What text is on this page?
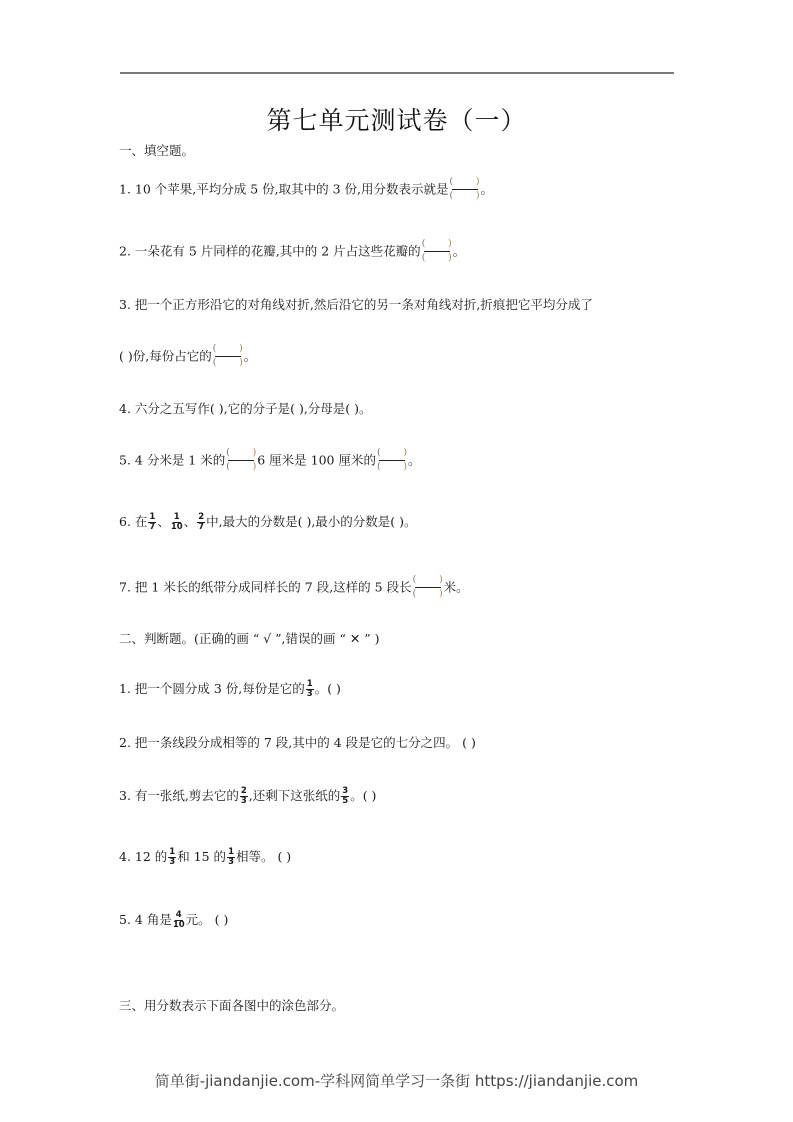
第七单元测试卷（一）
一、填空题。
1. 10 个苹果,平均分成 5 份,取其中的 3 份,用分数表示就是 (	)
(	) 。
2. 一朵花有 5 片同样的花瓣,其中的 2 片占这些花瓣的 (	)
(	) 。
3. 把一个正方形沿它的对角线对折,然后沿它的另一条对角线对折,折痕把它平均分成了
( )份,每份占它的 (	)
(	) 。
4. 六分之五写作( ),它的分子是( ),分母是( )。
5. 4 分米是 1 米的 (	)
(	) 6 厘米是 100 厘米的 (	)
(	) 。
6. 在 $\frac{1}{7}$ 、 $\frac{1}{10}$ 、 $\frac{2}{7}$ 中,最大的分数是( ),最小的分数是( )。
7. 把 1 米长的纸带分成同样长的 7 段,这样的 5 段长 (	)
(	) 米。
二、判断题。(正确的画 “ √ ”,错误的画 “ ✕ ” )
1. 把一个圆分成 3 份,每份是它的 $\frac{1}{3}$ 。( )
2. 把一条线段分成相等的 7 段,其中的 4 段是它的七分之四。 ( )
3. 有一张纸,剪去它的 $\frac{2}{3}$ ,还剩下这张纸的 $\frac{3}{5}$ 。( )
4. 12 的 $\frac{1}{3}$ 和 15 的 $\frac{1}{3}$ 相等。 ( )
5. 4 角是 $\frac{4}{10}$ 元。 ( )
三、用分数表示下面各图中的涂色部分。
简单街-jiandanjie.com-学科网简单学习一条街 https://jiandanjie.com
